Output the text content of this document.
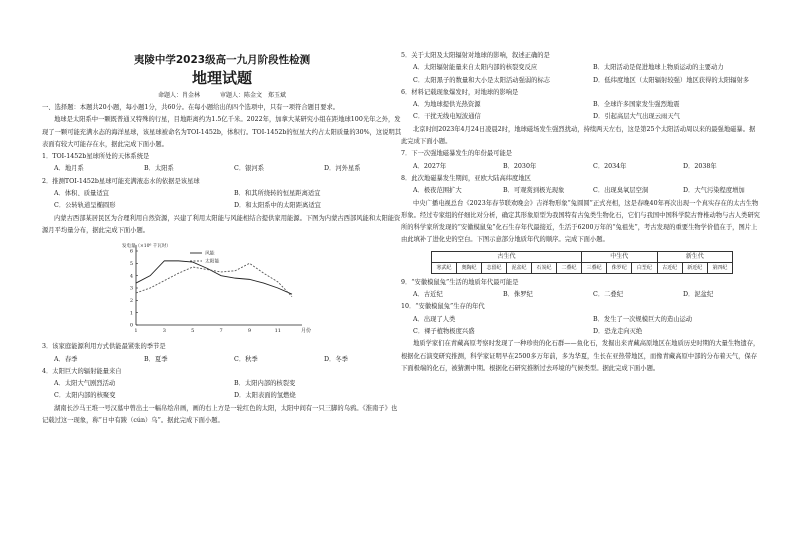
夷陵中学2023级高一九月阶段性检测
地理试题
命题人：肖金林	审题人：陈金文　郑玉斌

一、选择题：本题共20小题，每小题1分，共60分。在每小题给出的四个选项中，只有一项符合题目要求。

地球是太阳系中一颗既普通又特殊的行星，目地距离约为1.5亿千米。2022年，加拿大某研究小组在距地球100光年之外，发现了一颗可能充满水态的海洋星球，该星球被命名为TOI-1452b，体积行。TOI-1452b的恒星大约占太阳质量的30%，这说明其表面有较大可能存在水，据此完成下面小题。

1．TOI-1452b星球所处的天体系统是

A．地月系	B．太阳系	C．银河系	D．河外星系

2．推测TOI-1452b星球可能充满液态水的依据是该星球

A．体积、质量适宜	B．和其所绕转的恒星距离适宜
C．公转轨道呈椭圆形	D．和太阳系中的太阳距离适宜

内蒙古西部某居民区为合理利用自然资源，兴建了利用太阳能与风能相结合提供家用能源。下图为内蒙古西部风能和太阳能资源月平均量分布，据此完成下面小题。

发电量（×10⁶ 千瓦时）
0
1
2
3
4
5
6
1	3	5	7	9	11	月份
风能
太阳能

3．该家庭能源利用方式供能最紧张的季节是

A．春季	B．夏季	C．秋季	D．冬季

4．太阳巨大的辐射能量来自

A．太阳大气剧烈活动	B．太阳内部的核裂变
C．太阳内部的核聚变	D．太阳表面的氢燃烧

湖南长沙马王堆一号汉墓中曾出土一幅帛绘帛画，画的右上方是一轮红色的太阳，太阳中间有一只三脚的乌鸦。《淮南子》也记载过这一现象，称“日中有踆（cún）乌”。据此完成下面小题。

5．关于太阳及太阳辐射对地球的影响，叙述正确的是

A．太阳辐射能量来自太阳内部的核裂变反应	B．太阳活动是促进地球上物质运动的主要动力
C．太阳黑子的数量和大小是太阳活动强弱的标志	D．低纬度地区（太阳辐射较强）地区获得的太阳辐射多

6．材料记载现象爆发时，对地球的影响是

A．为地球提供光热资源	B．全球许多国家发生强烈地震
C．干扰无线电短波通信	D．引起高层大气出现云雨天气

北京时间2023年4月24日凌晨2时，地球磁场发生强烈扰动，持续两天左右，这是第25个太阳活动周以来的最强地磁暴。据此完成下面小题。

7．下一次强地磁暴发生的年份最可能是

A．2027年	B．2030年	C．2034年	D．2038年

8．此次地磁暴发生期间，亚欧大陆高纬度地区

A．极夜范围扩大	B．可观赏到极光现象	C．出现臭氧层空洞	D．大气污染程度增加

中央广播电视总台《2023年春节联欢晚会》吉祥物形象“兔圆圆”正式亮相，这是春晚40年再次出现一个真实存在的太古生物形象。经过专家组的仔细比对分析，确定其形象原型为我国特有古兔类生物化石，它们与我国中国科学院古脊椎动物与古人类研究所的科学家所发现的“安徽模鼠兔”化石生存年代最接近，生活于6200万年的“兔祖先”，考古发现的重要生物学价值在于，图片上由此填补了进化史的空白。下图示意部分地质年代的顺序。完成下面小题。

古生代
寒武纪	奥陶纪	志留纪	泥盆纪	石炭纪	二叠纪
中生代
三叠纪	侏罗纪	白垩纪
新生代
古近纪	新近纪	第四纪

9．“安徽模鼠兔”生活的地质年代最可能是

A．古近纪	B．侏罗纪	C．二叠纪	D．泥盆纪

10．“安徽模鼠兔”生存的年代

A．出现了人类	B．发生了一次规模巨大的造山运动
C．裸子植物极度兴盛	D．恐龙走向灭绝

地质学家们在青藏高原考察时发现了一种珍贵的化石群——鱼化石，发掘出来青藏高原地区在地质历史时期的大量生物遗存，根据化石演变研究推测，科学家证明早在2500多万年前，多为华夏，生长在亚热带地区，而像青藏高原中部的分布着天气，保存下面极端的化石，被猜测中期。根据化石研究推断过去环境的气候类型。据此完成下面小题。
